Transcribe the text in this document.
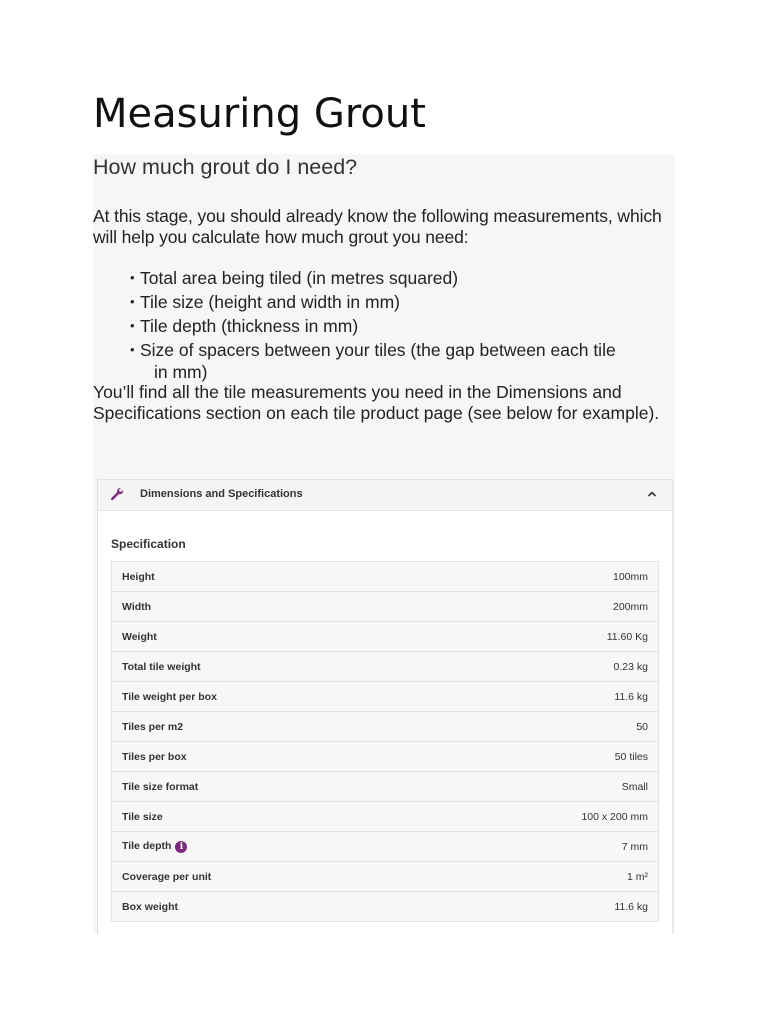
Measuring Grout
How much grout do I need?

At this stage, you should already know the following measurements, which will help you calculate how much grout you need:

• Total area being tiled (in metres squared)
• Tile size (height and width in mm)
• Tile depth (thickness in mm)
• Size of spacers between your tiles (the gap between each tile
in mm)

You’ll find all the tile measurements you need in the Dimensions and Specifications section on each tile product page (see below for example).

Dimensions and Specifications
Specification
Height	100mm
Width	200mm
Weight	11.60 Kg
Total tile weight	0.23 kg
Tile weight per box	11.6 kg
Tiles per m2	50
Tiles per box	50 tiles
Tile size format	Small
Tile size	100 x 200 mm
Tile depth i	7 mm
Coverage per unit	1 m²
Box weight	11.6 kg
